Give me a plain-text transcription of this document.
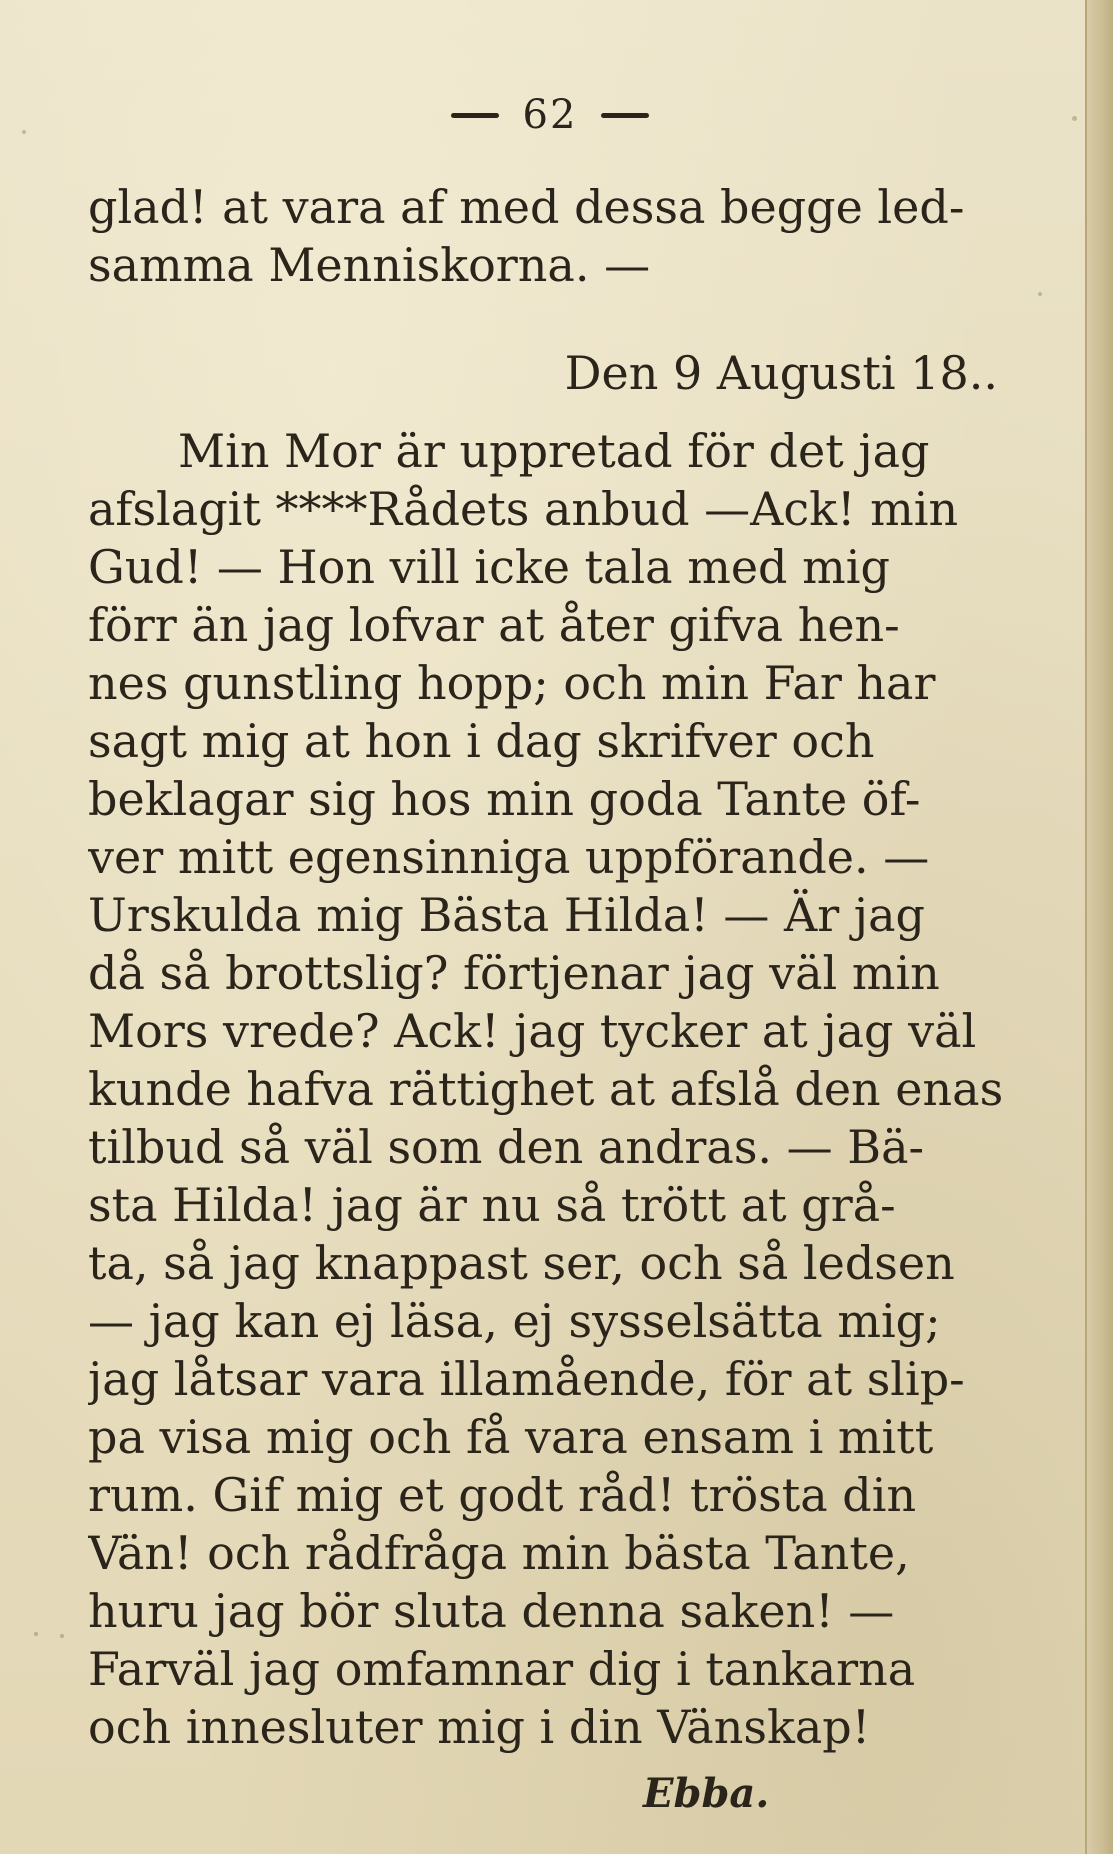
62
glad! at vara af med dessa begge led-
samma Menniskorna. —
Den 9 Augusti 18..
Min Mor är uppretad för det jag
afslagit ****Rådets anbud —Ack! min
Gud! — Hon vill icke tala med mig
förr än jag lofvar at åter gifva hen-
nes gunstling hopp; och min Far har
sagt mig at hon i dag skrifver och
beklagar sig hos min goda Tante öf-
ver mitt egensinniga uppförande. —
Urskulda mig Bästa Hilda! — Är jag
då så brottslig? förtjenar jag väl min
Mors vrede? Ack! jag tycker at jag väl
kunde hafva rättighet at afslå den enas
tilbud så väl som den andras. — Bä-
sta Hilda! jag är nu så trött at grå-
ta, så jag knappast ser, och så ledsen
— jag kan ej läsa, ej sysselsätta mig;
jag låtsar vara illamående, för at slip-
pa visa mig och få vara ensam i mitt
rum. Gif mig et godt råd! trösta din
Vän! och rådfråga min bästa Tante,
huru jag bör sluta denna saken! —
Farväl jag omfamnar dig i tankarna
och innesluter mig i din Vänskap!
Ebba.
